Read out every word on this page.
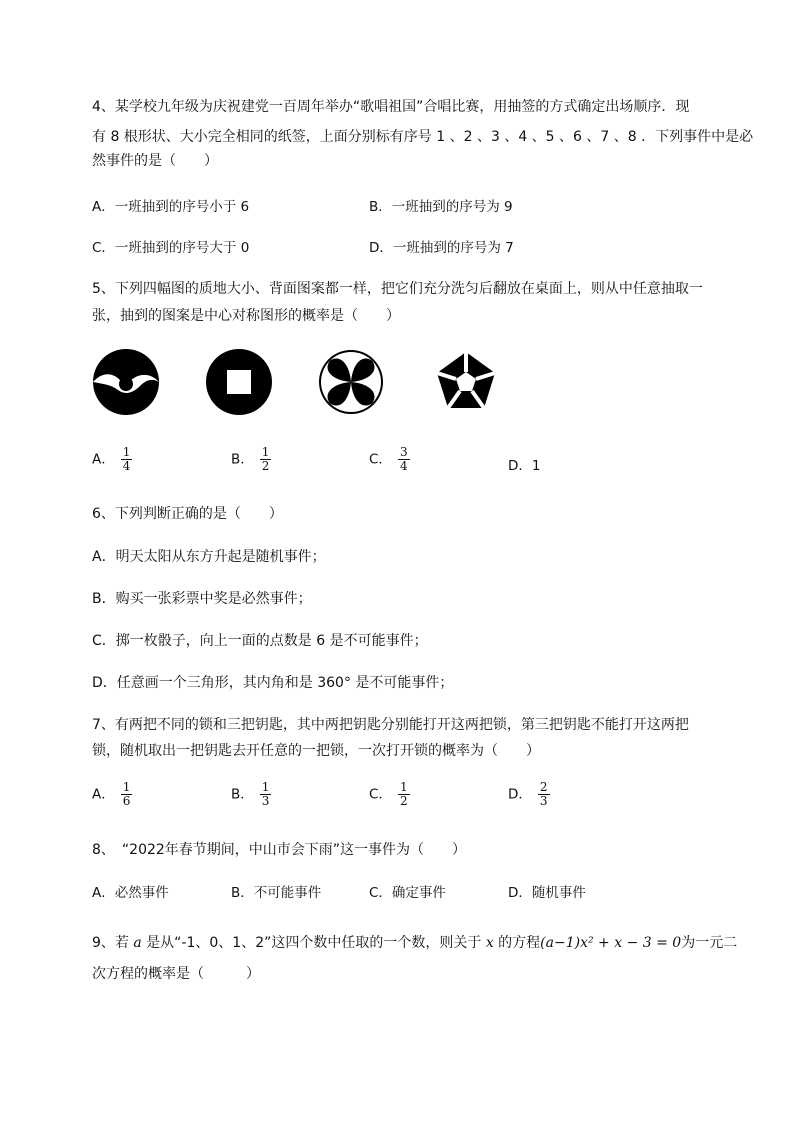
4、某学校九年级为庆祝建党一百周年举办“歌唱祖国”合唱比赛，用抽签的方式确定出场顺序．现
有 8 根形状、大小完全相同的纸签，上面分别标有序号 1 、2 、3 、4 、5 、6 、7 、8 ．下列事件中是必
然事件的是（　　）
A．一班抽到的序号小于 6	B．一班抽到的序号为 9
C．一班抽到的序号大于 0	D．一班抽到的序号为 7
5、下列四幅图的质地大小、背面图案都一样，把它们充分洗匀后翻放在桌面上，则从中任意抽取一
张，抽到的图案是中心对称图形的概率是（　　）
A． $\frac{1}{4}$	B． $\frac{1}{2}$	C． $\frac{3}{4}$	D．1
6、下列判断正确的是（　　）
A．明天太阳从东方升起是随机事件；
B．购买一张彩票中奖是必然事件；
C．掷一枚骰子，向上一面的点数是 6 是不可能事件；
D．任意画一个三角形，其内角和是 360° 是不可能事件；
7、有两把不同的锁和三把钥匙，其中两把钥匙分别能打开这两把锁，第三把钥匙不能打开这两把
锁，随机取出一把钥匙去开任意的一把锁，一次打开锁的概率为（　　）
A． $\frac{1}{6}$	B． $\frac{1}{3}$	C． $\frac{1}{2}$	D． $\frac{2}{3}$
8、　“2022年春节期间，中山市会下雨”这一事件为（　　）
A．必然事件	B．不可能事件	C．确定事件	D．随机事件
9、若 a 是从“-1、0、1、2”这四个数中任取的一个数，则关于 x 的方程(a−1)x² + x − 3 = 0为一元二
次方程的概率是（　　　）
